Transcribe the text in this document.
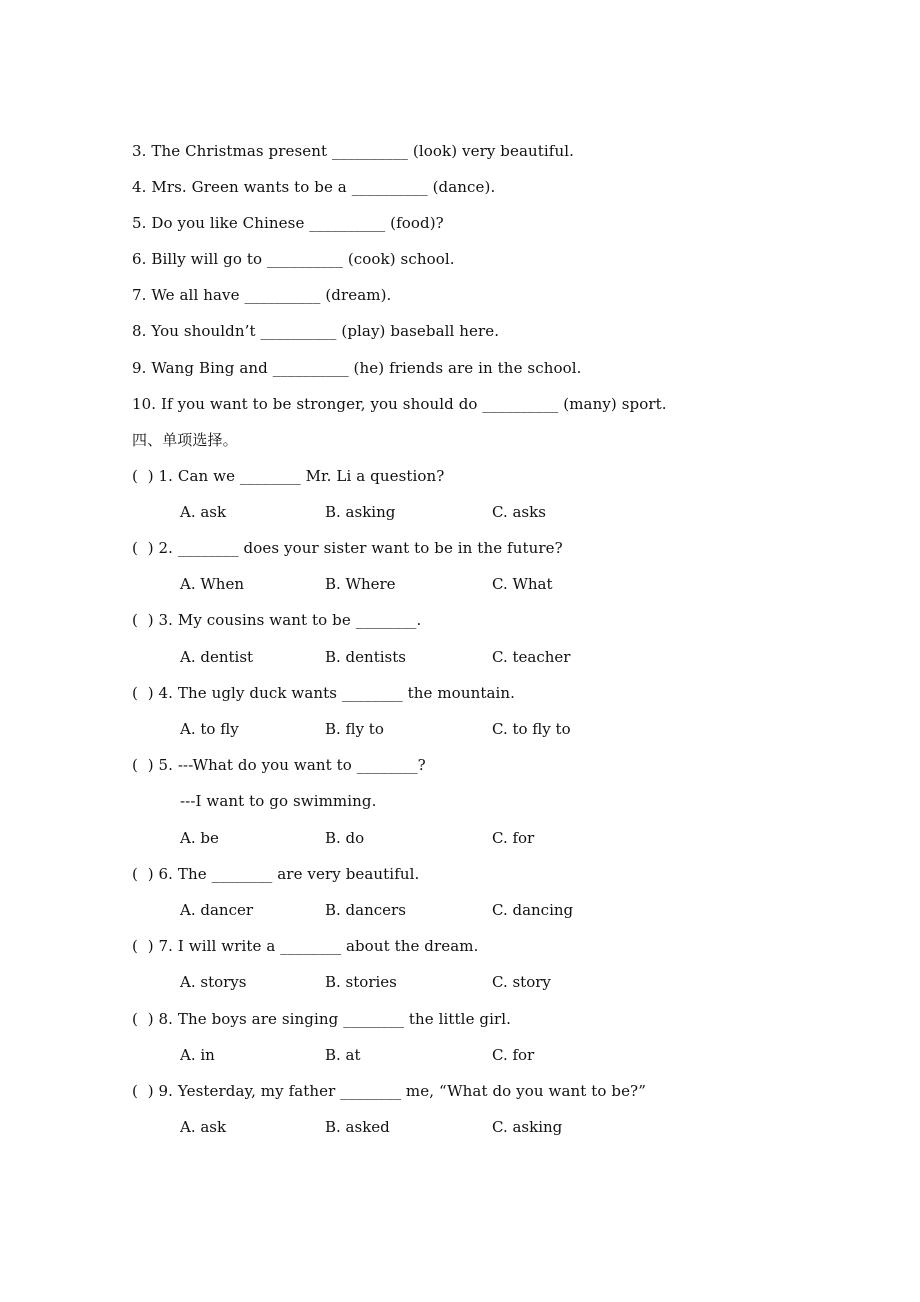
3. The Christmas present __________ (look) very beautiful.
4. Mrs. Green wants to be a __________ (dance).
5. Do you like Chinese __________ (food)?
6. Billy will go to __________ (cook) school.
7. We all have __________ (dream).
8. You shouldn’t __________ (play) baseball here.
9. Wang Bing and __________ (he) friends are in the school.
10. If you want to be stronger, you should do __________ (many) sport.
四、单项选择。
(  ) 1. Can we ________ Mr. Li a question?
A. ask	B. asking	C. asks
(  ) 2. ________ does your sister want to be in the future?
A. When	B. Where	C. What
(  ) 3. My cousins want to be ________.
A. dentist	B. dentists	C. teacher
(  ) 4. The ugly duck wants ________ the mountain.
A. to fly	B. fly to	C. to fly to
(  ) 5. ---What do you want to ________?
---I want to go swimming.
A. be	B. do	C. for
(  ) 6. The ________ are very beautiful.
A. dancer	B. dancers	C. dancing
(  ) 7. I will write a ________ about the dream.
A. storys	B. stories	C. story
(  ) 8. The boys are singing ________ the little girl.
A. in	B. at	C. for
(  ) 9. Yesterday, my father ________ me, “What do you want to be?”
A. ask	B. asked	C. asking
